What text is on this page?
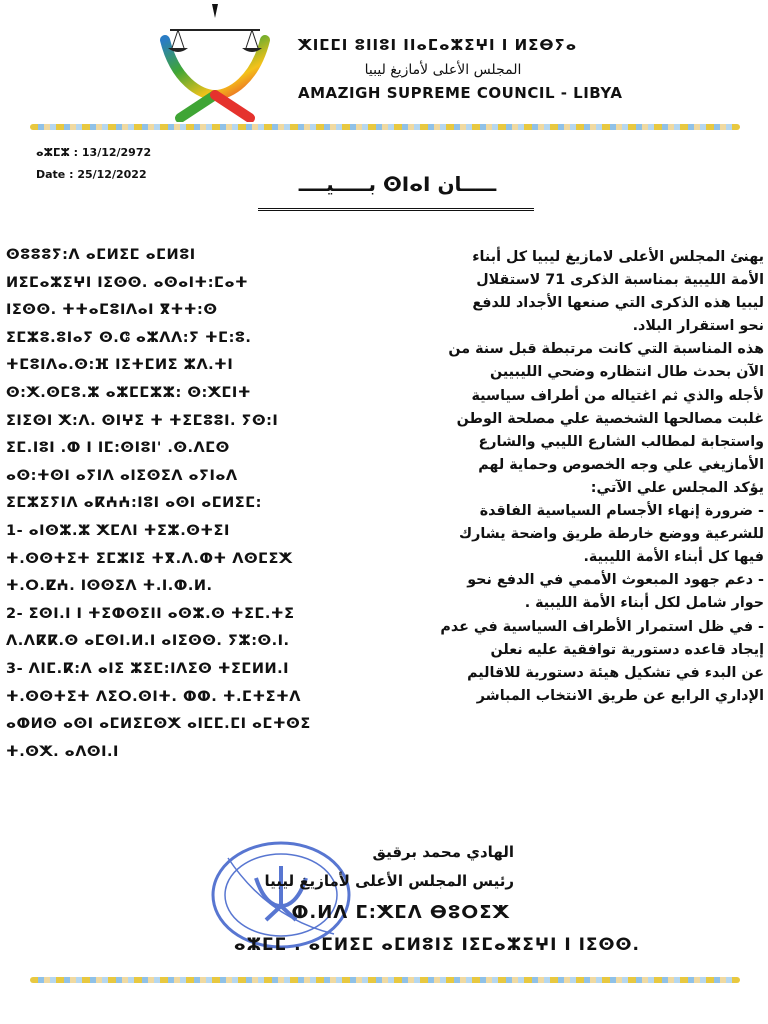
ⵅⵏⵎⵎⵏ ⵓⵏⵏⵓⵏ ⵏⵏⴰⵎⴰⵣⵉⵖⵏ ⵏ ⵍⵉⴱⵢⴰ
المجلس الأعلى لأمازيغ ليبيا
AMAZIGH SUPREME COUNCIL - LIBYA
ⴰⵣⵎⵣ : 13/12/2972
Date : 25/12/2022	بـــــيــــ ⵙⵏⴰⵏ ـــــان
ⵙⵓⵓⵓⵢ:ⴷ ⴰⵎⵍⵉⵎ ⴰⵎⵍⵓⵏ
ⵍⵉⵎⴰⵣⵉⵖⵏ ⵏⵉⵙⵙ. ⴰⵙⴰⵏⵜ:ⵎⴰⵜ
ⵏⵉⵙⵙ. ⵜⵜⴰⵎⵓⵏⴷⴰⵏ ⴳⵜⵜ:ⵙ
ⵉⵎⵣⵓ.ⵓⵏⴰⵢ ⵙ.ⵛ ⴰⵣⴷⴷ:ⵢ ⵜⵎ:ⵓ.
ⵜⵎⵓⵏⴷⴰ.ⵙ:ⴼ ⵏⵉⵜⵎⵍⵉ ⵣⴷ.ⵜⵏ
ⵙ:ⵅ.ⵙⵎⵓ.ⵣ ⴰⵣⵎⵎⵣⵣ: ⵙ:ⵅⵎⵏⵜ
ⵉⵏⵉⵙⵏ ⵅ:ⴷ. ⵙⵏⵖⵉ ⵜ ⵜⵉⵎⵓⵓⵏ. ⵢⵙ:ⵏ
ⵉⵎ.ⵏⵓⵏ .ⵀ ⵏ ⵏⵎ:ⵙⵏⵓⵏ' .ⵙ.ⴷⵎⵙ
ⴰⵙ:ⵜⵙⵏ ⴰⵢⵏⴷ ⴰⵏⵉⵙⵉⴷ ⴰⵢⵏⴰⴷ
ⵉⵎⵣⵉⵢⵏⴷ ⴰⴽⵄⵄ:ⵏⵓⵏ ⴰⵙⵏ ⴰⵎⵍⵉⵎ:
1- ⴰⵏⵙⵣ.ⵣ ⵅⵎⴷⵏ ⵜⵉⵣ.ⵙⵜⵉⵏ
ⵜ.ⵙⵙⵜⵉⵜ ⵉⵎⵣⵏⵉ ⵜⴳ.ⴷ.ⵀⵜ ⴷⵙⵎⵉⵅ
ⵜ.ⵔ.ⵇⵄ. ⵏⵙⵙⵉⴷ ⵜ.ⵏ.ⵀ.ⵍ.
2- ⵉⵙⵏ.ⵏ ⵏ ⵜⵉⵀⵙⵉⵏⵏ ⴰⵙⵣ.ⵙ ⵜⵉⵎ.ⵜⵉ
ⴷ.ⴷⴽⴽ.ⵙ ⴰⵎⵙⵏ.ⵍ.ⵏ ⴰⵏⵉⵙⵙ. ⵢⵣ:ⵙ.ⵏ.
3- ⴷⵏⵎ.ⴽ:ⴷ ⴰⵏⵉ ⵣⵉⵎ:ⵏⴷⵉⵙ ⵜⵉⵎⵍⵍ.ⵏ
ⵜ.ⵙⵙⵜⵉⵜ ⴷⵉⵔ.ⵙⵏⵜ. ⵀⵀ. ⵜ.ⵎⵜⵉⵜⴷ
ⴰⵀⵍⵙ ⴰⵙⵏ ⴰⵎⵍⵉⵎⵙⵅ ⴰⵏⵎⵎ.ⵎⵏ ⴰⵎⵜⵙⵉ
ⵜ.ⵙⵅ. ⴰⴷⵙⵏ.ⵏ
يهنئ المجلس الأعلى لامازيغ ليبيا كل أبناء
الأمة الليبية بمناسبة الذكرى 71 لاستقلال
ليبيا هذه الذكرى التي صنعها الأجداد للدفع
نحو استقرار البلاد.
هذه المناسبة التي كانت مرتبطة قبل سنة من
الآن بحدث طال انتظاره وضحي الليبيين
لأجله والذي ثم اغتياله من أطراف سياسية
غلبت مصالحها الشخصية علي مصلحة الوطن
واستجابة لمطالب الشارع الليبي والشارع
الأمازيغي علي وجه الخصوص وحماية لهم
يؤكد المجلس علي الآتي:
- ضرورة إنهاء الأجسام السياسية الفاقدة
للشرعية ووضع خارطة طريق واضحة يشارك
فيها كل أبناء الأمة الليبية.
- دعم جهود المبعوث الأممي في الدفع نحو
حوار شامل لكل أبناء الأمة الليبية .
- في ظل استمرار الأطراف السياسية في عدم
إيجاد قاعده دستورية توافقية عليه نعلن
عن البدء في تشكيل هيئة دستورية للاقاليم
الإداري الرابع عن طريق الانتخاب المباشر
الهادي محمد برقيق
رئيس المجلس الأعلى لأمازيغ ليبيا
ⵀ.ⵍⴷ ⵎ:ⵅⵎⴷ ⴱⵓⵔⵉⵅ
ⴰⵣⵎⵎ . ⴰⵎⵍⵉⵎ ⴰⵎⵍⵓⵏⵉ ⵏⵉⵎⴰⵣⵉⵖⵏ ⵏ ⵏⵉⵙⵙ.
